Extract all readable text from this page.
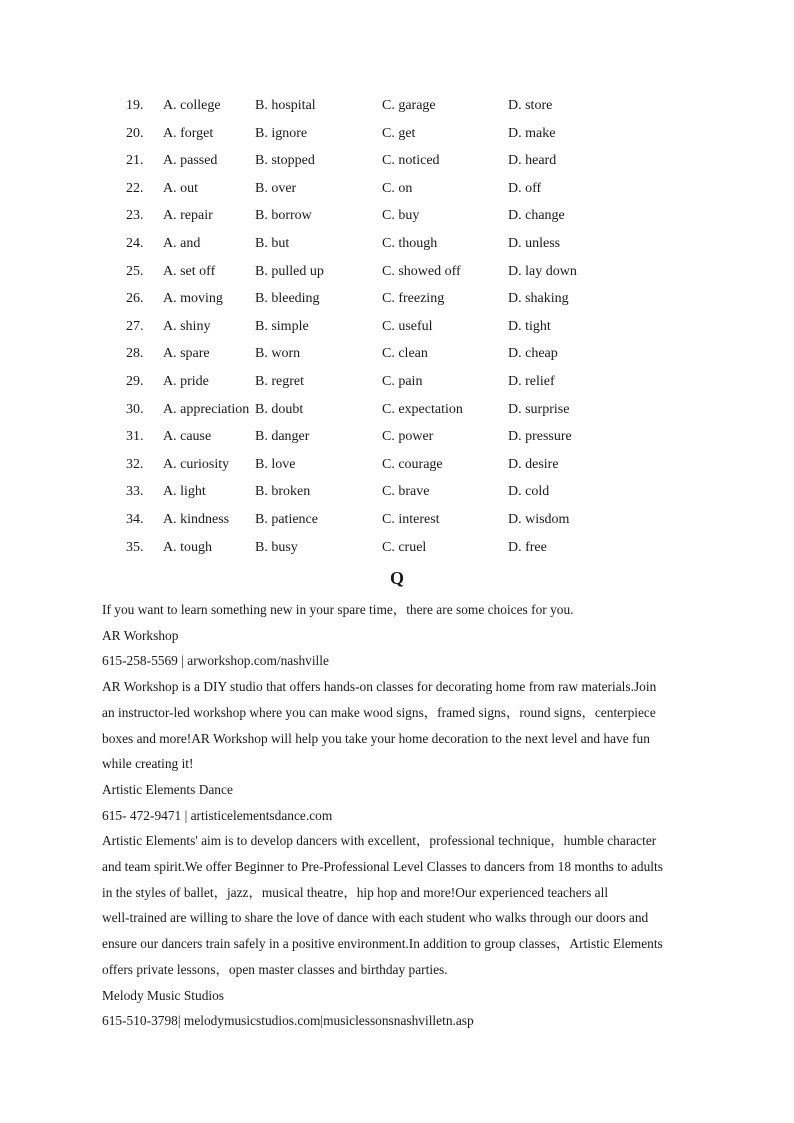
19. A. college B. hospital	C. garage	D. store
20. A. forget	B. ignore	C. get	D. make
21. A. passed	B. stopped	C. noticed	D. heard
22. A. out	B. over	C. on	D. off
23. A. repair	B. borrow	C. buy	D. change
24. A. and	B. but	C. though	D. unless
25. A. set off	B. pulled up	C. showed off	D. lay down
26. A. moving B. bleeding	C. freezing	D. shaking
27. A. shiny	B. simple	C. useful	D. tight
28. A. spare	B. worn	C. clean	D. cheap
29. A. pride	B. regret	C. pain	D. relief
30. A. appreciation B. doubt	C. expectation	D. surprise
31. A. cause	B. danger	C. power	D. pressure
32. A. curiosity B. love	C. courage	D. desire
33. A. light	B. broken	C. brave	D. cold
34. A. kindness B. patience	C. interest	D. wisdom
35. A. tough	B. busy	C. cruel	D. free
Q

If you want to learn something new in your spare time，there are some choices for you.

AR Workshop

615-258-5569 | arworkshop.com/nashville

AR Workshop is a DIY studio that offers hands-on classes for decorating home from raw materials.Join

an instructor-led workshop where you can make wood signs，framed signs，round signs，centerpiece

boxes and more!AR Workshop will help you take your home decoration to the next level and have fun

while creating it!

Artistic Elements Dance

615- 472-9471 | artisticelementsdance.com

Artistic Elements' aim is to develop dancers with excellent，professional technique，humble character

and team spirit.We offer Beginner to Pre-Professional Level Classes to dancers from 18 months to adults

in the styles of ballet，jazz，musical theatre，hip hop and more!Our experienced teachers all

well-trained are willing to share the love of dance with each student who walks through our doors and

ensure our dancers train safely in a positive environment.In addition to group classes，Artistic Elements

offers private lessons，open master classes and birthday parties.

Melody Music Studios

615-510-3798| melodymusicstudios.com|musiclessonsnashvilletn.asp
